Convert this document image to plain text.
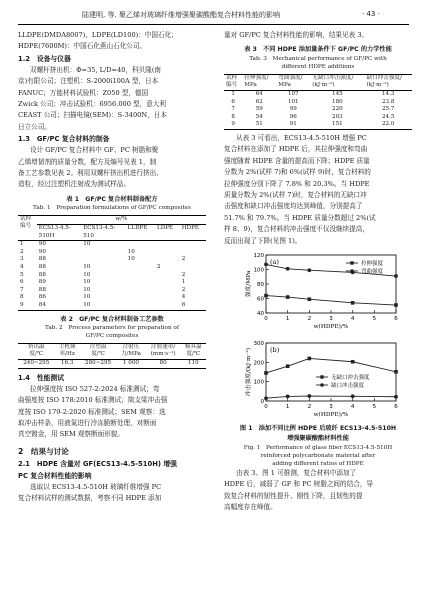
陆建明, 等. 聚乙烯对玻璃纤维增强聚碳酸酯复合材料性能的影响	· 43 ·
LLDPE(DMDA8007)、LDPE(LD100)：中国石化；
HDPE(7600M)：中国石化燕山石化公司。
1.2　设备与仪器
双螺杆挤出机：Φ=35, L/D=40，科贝隆(南
京)有限公司；注塑机：S-2000i100A 型，日本
FANUC；万能材料试验机：Z050 型，德国
Zwick 公司；冲击试验机：6956.000 型，意大利
CEAST 公司；扫描电镜(SEM)：S-3400N，日本
日立公司。
1.3　GF/PC 复合材料的制备
设计 GF/PC 复合材料中 GF、PC 树脂和聚
乙烯增韧剂的质量分数，配方及编号见表 1，制
备工艺参数见表 2。利用双螺杆挤出机进行挤出、
造粒，经过注塑机注射成为测试样品。
表 1　GF/PC 复合材料制备配方
Tab. 1　Preparation formulations of GF/PC composites
试样
编号	w/%				
	ECS13-4.5-
510H	ECS13-4.5-
510	LLDPE	LDPE	HDPE
1	90	10			
2	90		10		
3	88		10		2
4	88	10		2	
5	88	10			2
6	89	10			1
7	88	10			2
8	86	10			4
9	84	10			6
表 2　GF/PC 复合材料制备工艺参数
Tab. 2　Process parameters for preparation of
GF/PC composites
挤出温
度/℃	主机频
率/Hz	注塑温
度/℃	注射压
力/MPa	注射速率/
(mm·s⁻¹)	模具温
度/℃
240~295	16.3	280~295	1 000	80	110
1.4　性能测试
拉伸强度按 ISO 527-2:2024 标准测试；弯
曲强度按 ISO 178:2010 标准测试；简支梁冲击强
度按 ISO 179-2:2020 标准测试；SEM 观察：选
取冲击样条，用液氮进行冷冻脆断处理，对断面
真空镀金，用 SEM 观察断面形貌。
2　结果与讨论
2.1　HDPE 含量对 GF(ECS13-4.5-510H) 增强
PC 复合材料性能的影响
选取以 ECS13-4.5-510H 玻璃纤维增强 PC
复合材料试样的测试数据，考察不同 HDPE 添加
量对 GF/PC 复合材料性能的影响，结果见表 3。
表 3　不同 HDPE 添加量条件下 GF/PC 的力学性能
Tab. 3　Mechanical performance of GF/PC with
different HDPE additions
试样
编号	拉伸强度/
MPa	弯曲强度/
MPa	无缺口冲击强度/
(kJ·m⁻²)	缺口冲击强度/
(kJ·m⁻²)
1	64	107	145	14.3
6	62	101	180	23.8
7	59	99	220	25.7
8	54	96	203	24.5
9	51	91	151	22.0
从表 3 可看出，ECS13-4.5-510H 增强 PC
复合材料在添加了 HDPE 后，其拉伸强度和弯曲
强度随着 HDPE 含量的提高而下降；HDPE 质量
分数为 2%(试样 7)和 6%(试样 9)时，复合材料的
拉伸强度分别下降了 7.8% 和 20.3%。当 HDPE
质量分数为 2%(试样 7)时，复合材料的无缺口冲
击强度和缺口冲击强度均达到峰值，分别提高了
51.7% 和 79.7%。当 HDPE 质量分数超过 2%(试
样 8、9)，复合材料的冲击强度不仅没继续提高，
反而出现了下降(见图 1)。
(a)
40
60
80
100
120
0	1	2	3	4	5	6
w(HDPE)/%
强度/MPa
拉伸强度
弯曲强度
(b)
0
100
200
300
0	1	2	3	4	5	6
w(HDPE)/%
冲击强度/(kJ·m⁻²)	无缺口冲击强度
缺口冲击强度
图 1　添加不同比例 HDPE 后玻纤 ECS13-4.5-510H
增强聚碳酸酯材料性能
Fig. 1　Performance of glass fiber ECS13-4.5-510H
reinforced polycarbonate material after
adding different ratios of HDPE
由表 3、图 1 可推测，复合材料中添加了
HDPE 后，减弱了 GF 和 PC 树脂之间的结合，导
致复合材料的韧性提升、刚性下降，且韧性的提
高幅度存在峰值。
